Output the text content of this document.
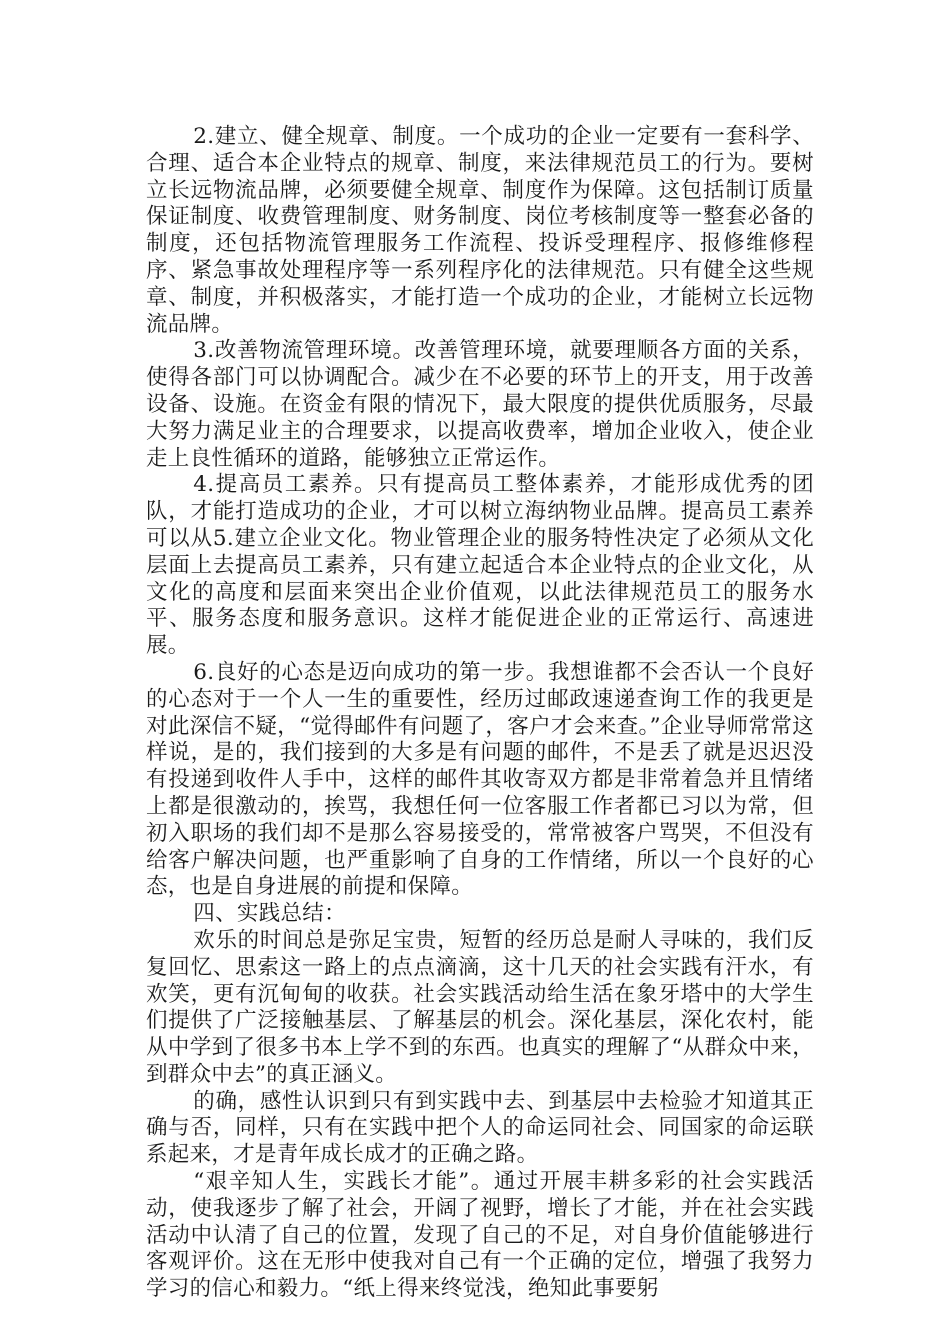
2.建立、健全规章、制度。一个成功的企业一定要有一套科学、合理、适合本企业特点的规章、制度，来法律规范员工的行为。要树立长远物流品牌，必须要健全规章、制度作为保障。这包括制订质量保证制度、收费管理制度、财务制度、岗位考核制度等一整套必备的制度，还包括物流管理服务工作流程、投诉受理程序、报修维修程序、紧急事故处理程序等一系列程序化的法律规范。只有健全这些规章、制度，并积极落实，才能打造一个成功的企业，才能树立长远物流品牌。

3.改善物流管理环境。改善管理环境，就要理顺各方面的关系，使得各部门可以协调配合。减少在不必要的环节上的开支，用于改善设备、设施。在资金有限的情况下，最大限度的提供优质服务，尽最大努力满足业主的合理要求，以提高收费率，增加企业收入，使企业走上良性循环的道路，能够独立正常运作。

4.提高员工素养。只有提高员工整体素养，才能形成优秀的团队，才能打造成功的企业，才可以树立海纳物业品牌。提高员工素养可以从5.建立企业文化。物业管理企业的服务特性决定了必须从文化层面上去提高员工素养，只有建立起适合本企业特点的企业文化，从文化的高度和层面来突出企业价值观，以此法律规范员工的服务水平、服务态度和服务意识。这样才能促进企业的正常运行、高速进展。

6.良好的心态是迈向成功的第一步。我想谁都不会否认一个良好的心态对于一个人一生的重要性，经历过邮政速递查询工作的我更是对此深信不疑，“觉得邮件有问题了，客户才会来查。”企业导师常常这样说，是的，我们接到的大多是有问题的邮件，不是丢了就是迟迟没有投递到收件人手中，这样的邮件其收寄双方都是非常着急并且情绪上都是很激动的，挨骂，我想任何一位客服工作者都已习以为常，但初入职场的我们却不是那么容易接受的，常常被客户骂哭，不但没有给客户解决问题，也严重影响了自身的工作情绪，所以一个良好的心态，也是自身进展的前提和保障。

四、实践总结：

欢乐的时间总是弥足宝贵，短暂的经历总是耐人寻味的，我们反复回忆、思索这一路上的点点滴滴，这十几天的社会实践有汗水，有欢笑，更有沉甸甸的收获。社会实践活动给生活在象牙塔中的大学生们提供了广泛接触基层、了解基层的机会。深化基层，深化农村，能从中学到了很多书本上学不到的东西。也真实的理解了“从群众中来，到群众中去”的真正涵义。

的确，感性认识到只有到实践中去、到基层中去检验才知道其正确与否，同样，只有在实践中把个人的命运同社会、同国家的命运联系起来，才是青年成长成才的正确之路。

“艰辛知人生，实践长才能”。通过开展丰耕多彩的社会实践活动，使我逐步了解了社会，开阔了视野，增长了才能，并在社会实践活动中认清了自己的位置，发现了自己的不足，对自身价值能够进行客观评价。这在无形中使我对自己有一个正确的定位，增强了我努力学习的信心和毅力。“纸上得来终觉浅，绝知此事要躬
